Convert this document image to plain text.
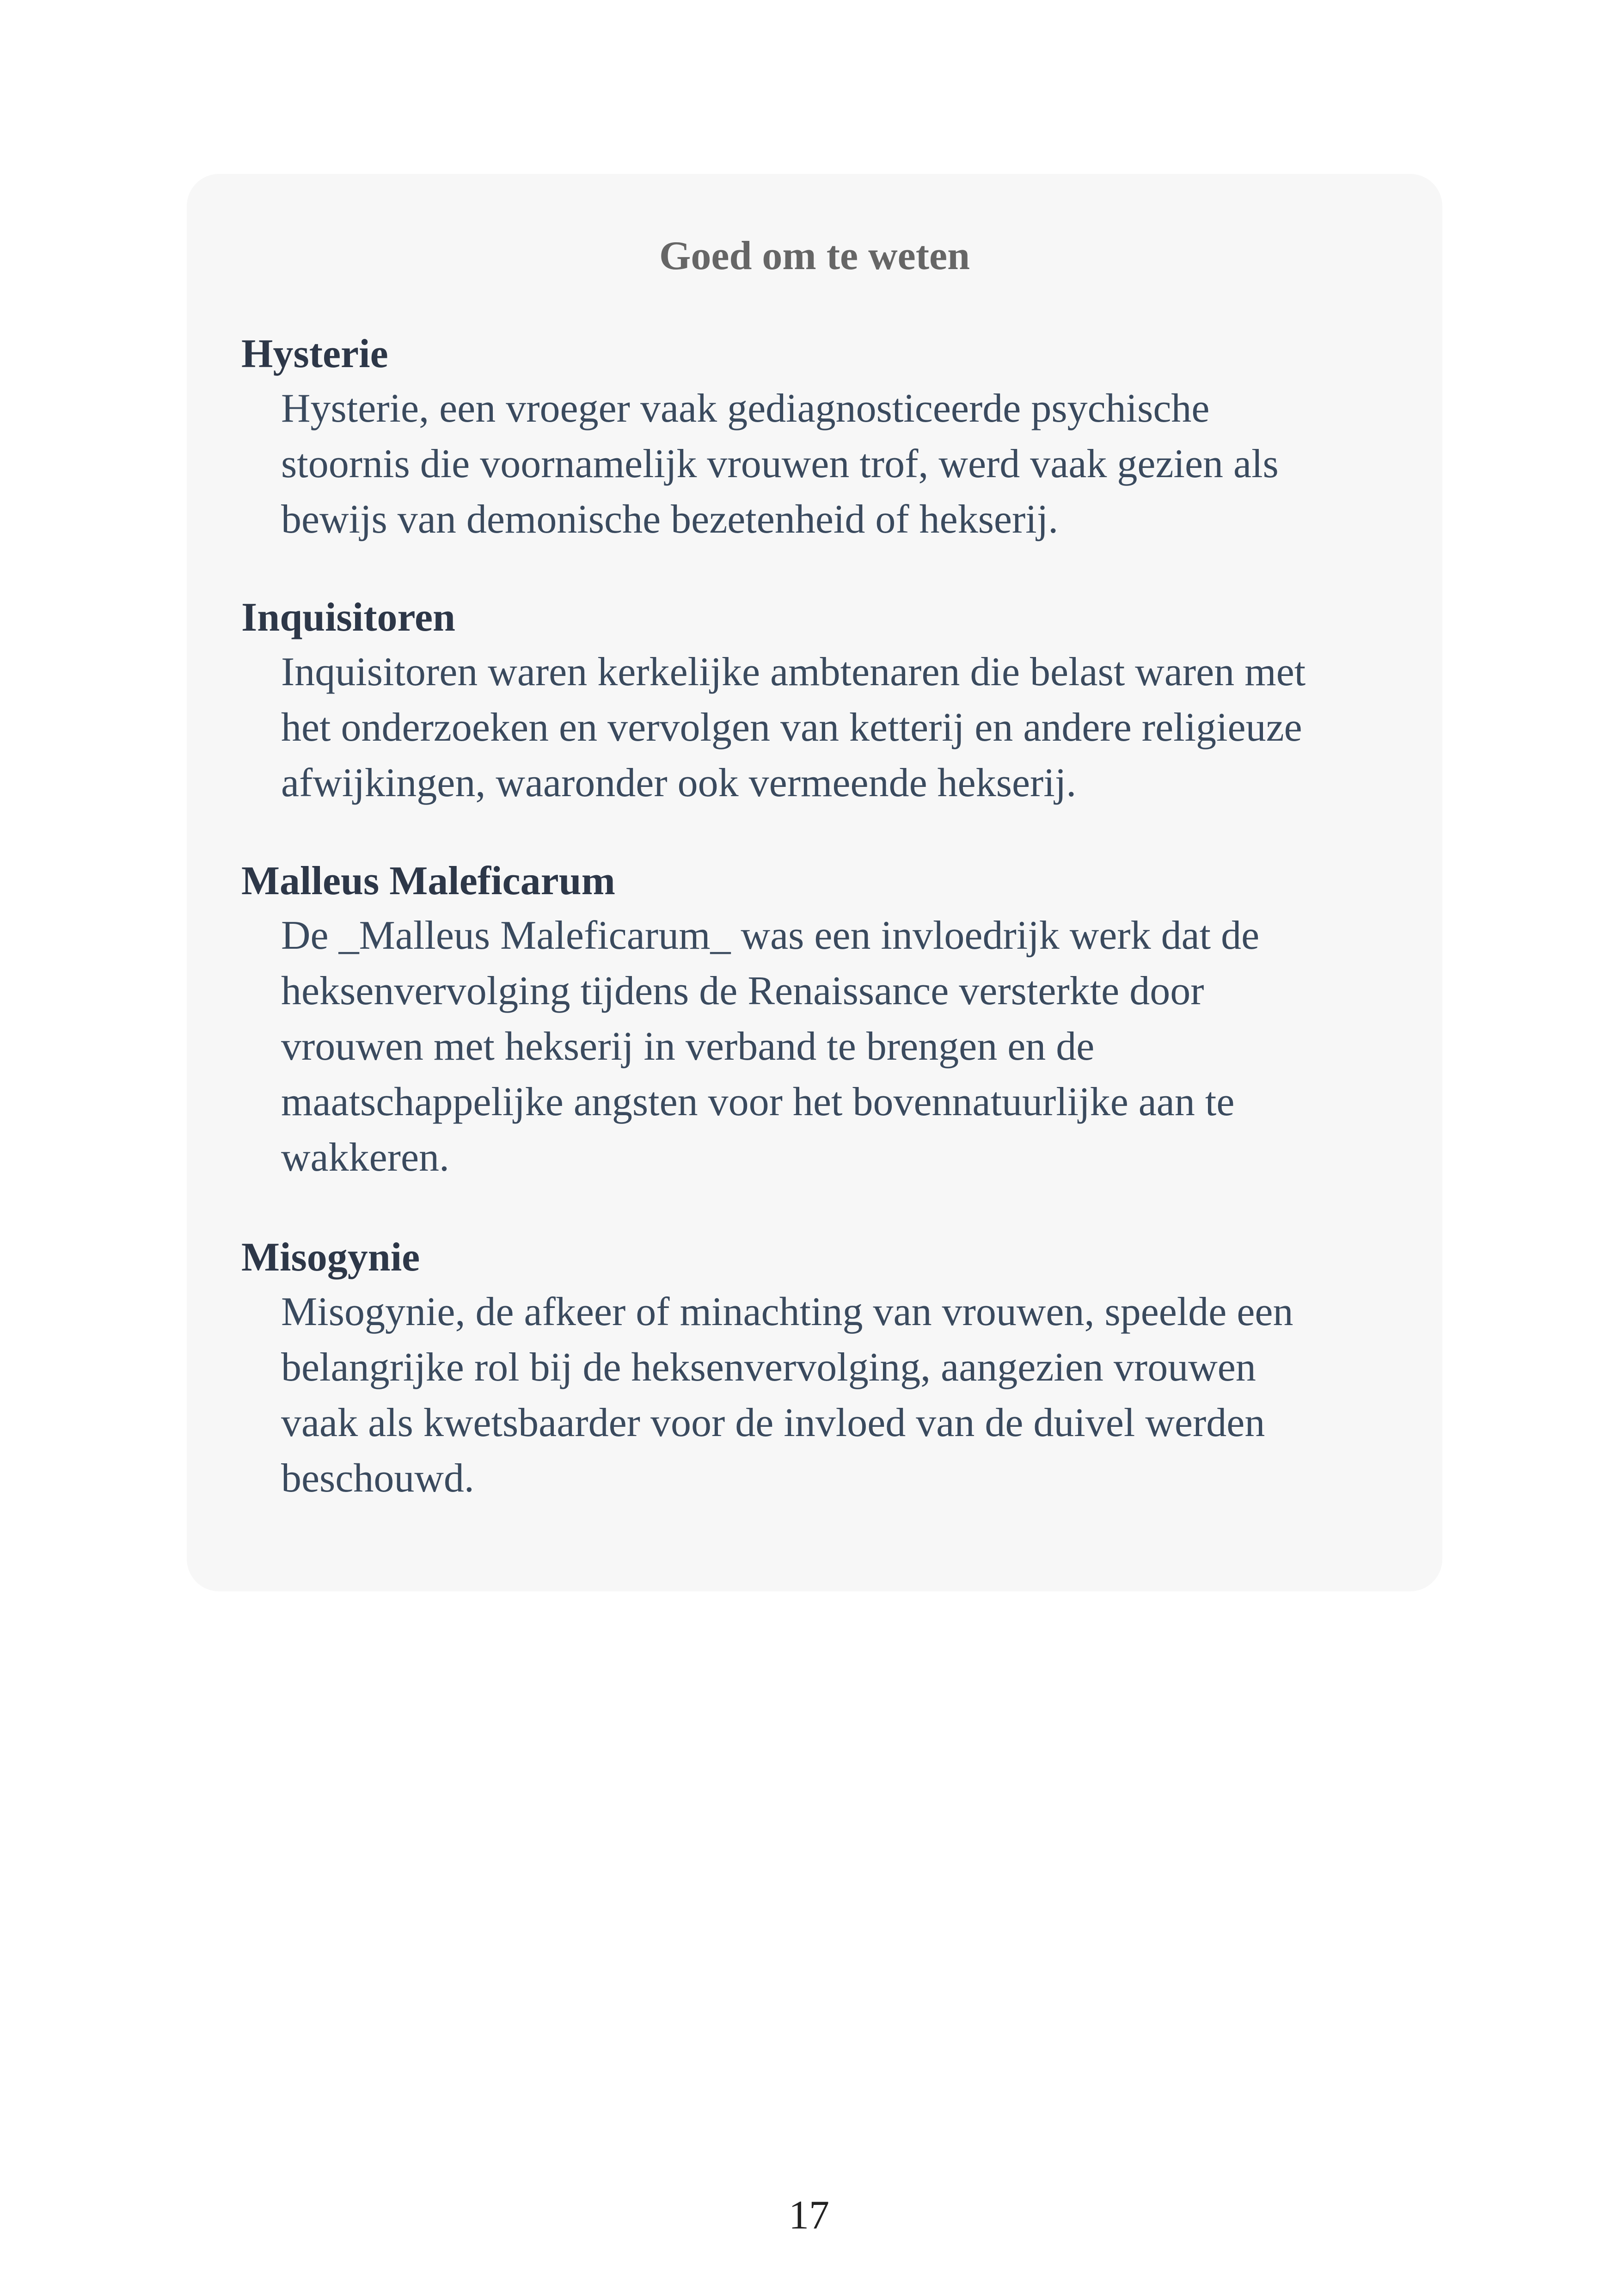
Goed om te weten
Hysterie
Hysterie, een vroeger vaak gediagnosticeerde psychische
stoornis die voornamelijk vrouwen trof, werd vaak gezien als
bewijs van demonische bezetenheid of hekserij.
Inquisitoren
Inquisitoren waren kerkelijke ambtenaren die belast waren met
het onderzoeken en vervolgen van ketterij en andere religieuze
afwijkingen, waaronder ook vermeende hekserij.
Malleus Maleficarum
De _Malleus Maleficarum_ was een invloedrijk werk dat de
heksenvervolging tijdens de Renaissance versterkte door
vrouwen met hekserij in verband te brengen en de
maatschappelijke angsten voor het bovennatuurlijke aan te
wakkeren.
Misogynie
Misogynie, de afkeer of minachting van vrouwen, speelde een
belangrijke rol bij de heksenvervolging, aangezien vrouwen
vaak als kwetsbaarder voor de invloed van de duivel werden
beschouwd.
17
